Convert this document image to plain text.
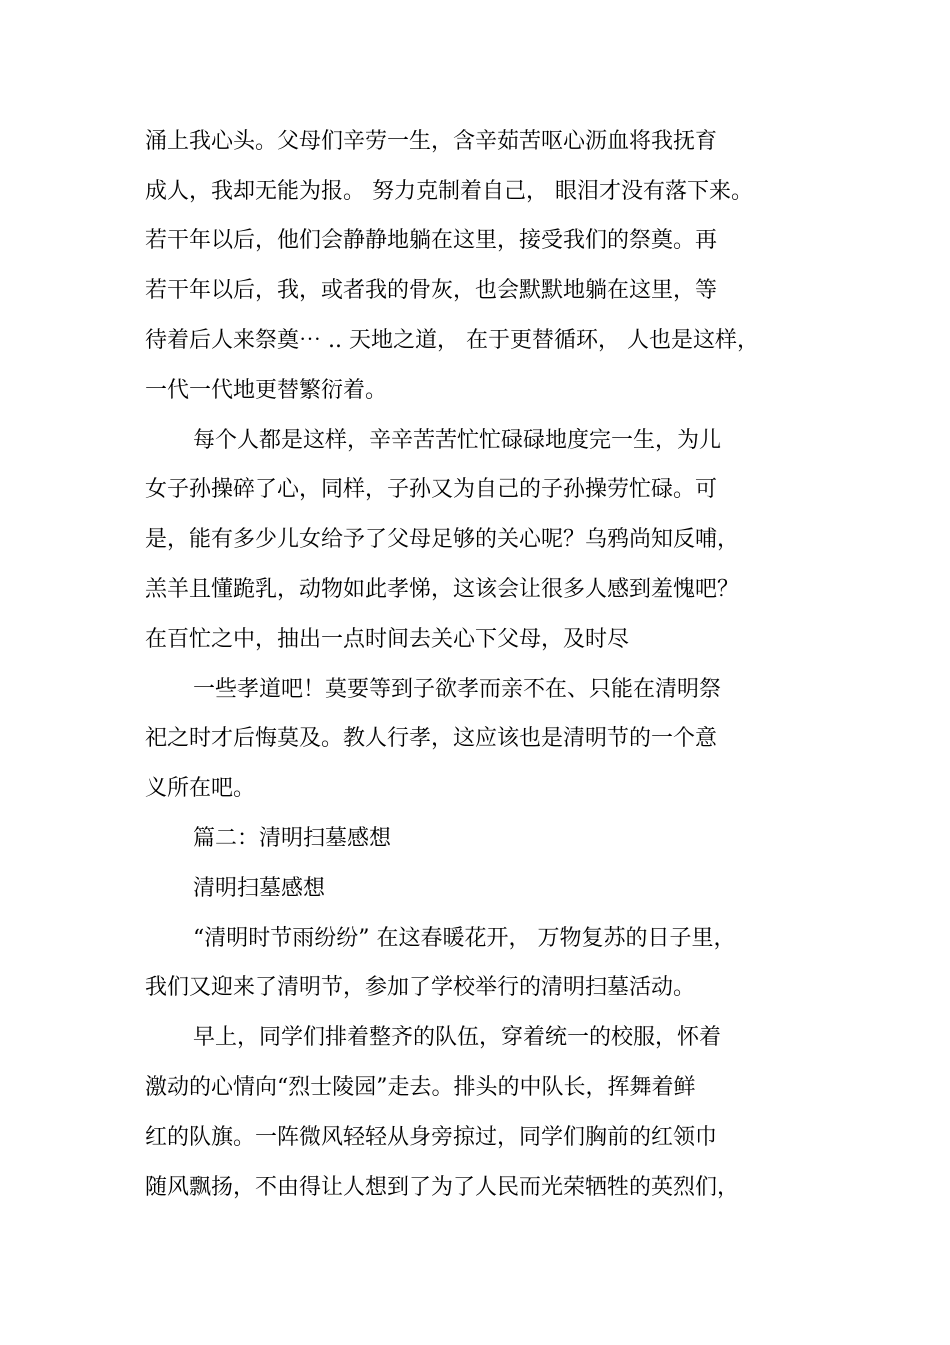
涌上我心头。父母们辛劳一生，含辛茹苦呕心沥血将我抚育
成人，我却无能为报。 努力克制着自己， 眼泪才没有落下来。
若干年以后，他们会静静地躺在这里，接受我们的祭奠。再
若干年以后，我，或者我的骨灰，也会默默地躺在这里，等
待着后人来祭奠⋯ .. 天地之道， 在于更替循环， 人也是这样，
一代一代地更替繁衍着。
每个人都是这样，辛辛苦苦忙忙碌碌地度完一生，为儿
女子孙操碎了心，同样，子孙又为自己的子孙操劳忙碌。可
是，能有多少儿女给予了父母足够的关心呢？乌鸦尚知反哺，
羔羊且懂跪乳，动物如此孝悌，这该会让很多人感到羞愧吧？
在百忙之中，抽出一点时间去关心下父母，及时尽
一些孝道吧！莫要等到子欲孝而亲不在、只能在清明祭
祀之时才后悔莫及。教人行孝，这应该也是清明节的一个意
义所在吧。
篇二：清明扫墓感想
清明扫墓感想
“清明时节雨纷纷” 在这春暖花开， 万物复苏的日子里，
我们又迎来了清明节，参加了学校举行的清明扫墓活动。
早上，同学们排着整齐的队伍，穿着统一的校服，怀着
激动的心情向“烈士陵园”走去。排头的中队长，挥舞着鲜
红的队旗。一阵微风轻轻从身旁掠过，同学们胸前的红领巾
随风飘扬，不由得让人想到了为了人民而光荣牺牲的英烈们，
